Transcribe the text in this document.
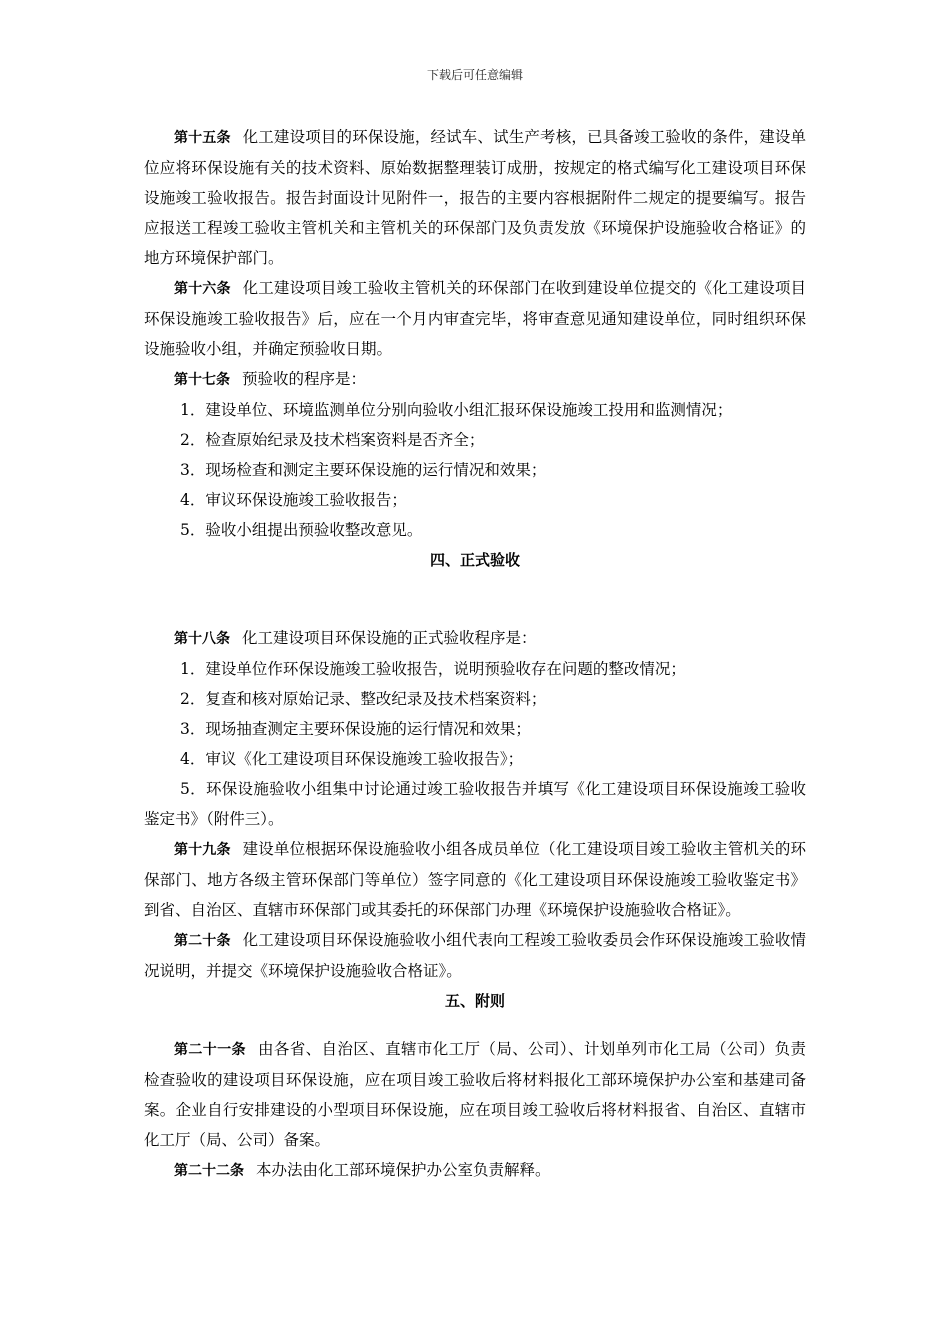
下载后可任意编辑

第十五条 化工建设项目的环保设施，经试车、试生产考核，已具备竣工验收的条件，建设单位应将环保设施有关的技术资料、原始数据整理装订成册，按规定的格式编写化工建设项目环保设施竣工验收报告。报告封面设计见附件一，报告的主要内容根据附件二规定的提要编写。报告应报送工程竣工验收主管机关和主管机关的环保部门及负责发放《环境保护设施验收合格证》的地方环境保护部门。

第十六条 化工建设项目竣工验收主管机关的环保部门在收到建设单位提交的《化工建设项目环保设施竣工验收报告》后，应在一个月内审查完毕，将审查意见通知建设单位，同时组织环保设施验收小组，并确定预验收日期。

第十七条 预验收的程序是：

1．建设单位、环境监测单位分别向验收小组汇报环保设施竣工投用和监测情况；

2．检查原始纪录及技术档案资料是否齐全；

3．现场检查和测定主要环保设施的运行情况和效果；

4．审议环保设施竣工验收报告；

5．验收小组提出预验收整改意见。

四、正式验收

第十八条 化工建设项目环保设施的正式验收程序是：

1．建设单位作环保设施竣工验收报告，说明预验收存在问题的整改情况；

2．复查和核对原始记录、整改纪录及技术档案资料；

3．现场抽查测定主要环保设施的运行情况和效果；

4．审议《化工建设项目环保设施竣工验收报告》；

5．环保设施验收小组集中讨论通过竣工验收报告并填写《化工建设项目环保设施竣工验收鉴定书》（附件三）。

第十九条 建设单位根据环保设施验收小组各成员单位（化工建设项目竣工验收主管机关的环保部门、地方各级主管环保部门等单位）签字同意的《化工建设项目环保设施竣工验收鉴定书》到省、自治区、直辖市环保部门或其委托的环保部门办理《环境保护设施验收合格证》。

第二十条 化工建设项目环保设施验收小组代表向工程竣工验收委员会作环保设施竣工验收情况说明，并提交《环境保护设施验收合格证》。

五、附则

第二十一条 由各省、自治区、直辖市化工厅（局、公司）、计划单列市化工局（公司）负责检查验收的建设项目环保设施，应在项目竣工验收后将材料报化工部环境保护办公室和基建司备案。企业自行安排建设的小型项目环保设施，应在项目竣工验收后将材料报省、自治区、直辖市化工厅（局、公司）备案。

第二十二条 本办法由化工部环境保护办公室负责解释。
